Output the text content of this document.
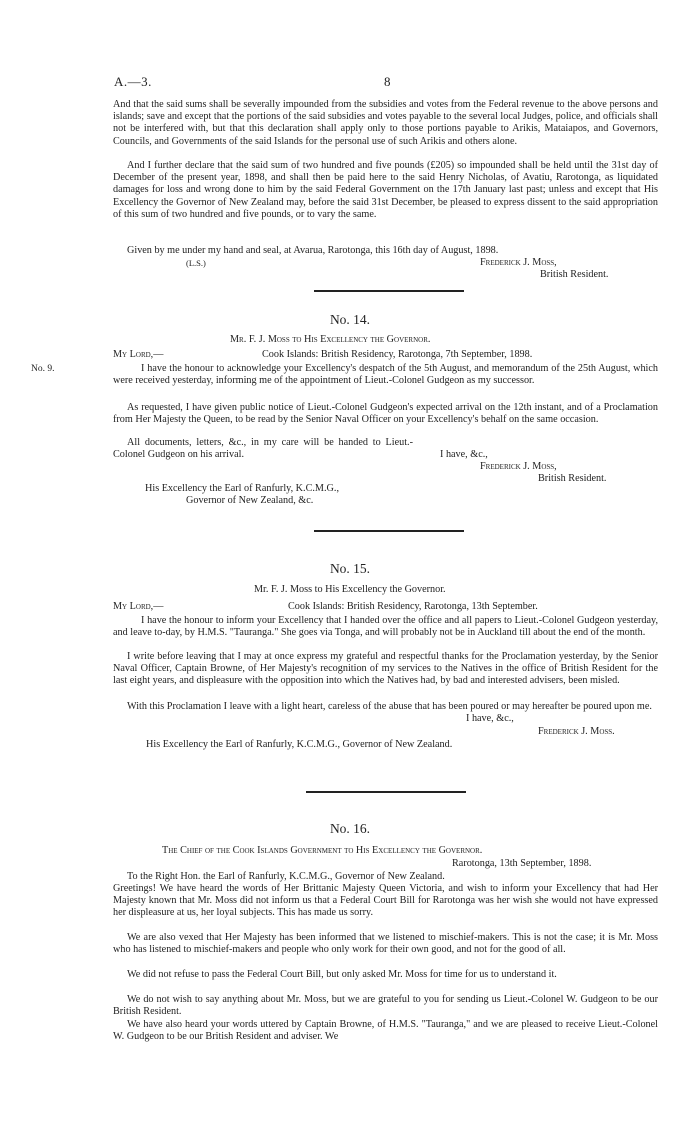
A.—3.	8
And that the said sums shall be severally impounded from the subsidies and votes from the Federal revenue to the above persons and islands; save and except that the portions of the said subsidies and votes payable to the several local Judges, police, and officials shall not be interfered with, but that this declaration shall apply only to those portions payable to Arikis, Mataiapos, and Governors, Councils, and Governments of the said Islands for the personal use of such Arikis and others alone.
And I further declare that the said sum of two hundred and five pounds (£205) so impounded shall be held until the 31st day of December of the present year, 1898, and shall then be paid here to the said Henry Nicholas, of Avatiu, Rarotonga, as liquidated damages for loss and wrong done to him by the said Federal Government on the 17th January last past; unless and except that His Excellency the Governor of New Zealand may, before the said 31st December, be pleased to express dissent to the said appropriation of this sum of two hundred and five pounds, or to vary the same.
Given by me under my hand and seal, at Avarua, Rarotonga, this 16th day of August, 1898.
(L.S.)	Frederick J. Moss,
British Resident.
No. 14.
Mr. F. J. Moss to His Excellency the Governor.
My Lord,—	Cook Islands: British Residency, Rarotonga, 7th September, 1898.
No. 9.	I have the honour to acknowledge your Excellency's despatch of the 5th August, and memorandum of the 25th August, which were received yesterday, informing me of the appointment of Lieut.-Colonel Gudgeon as my successor.
As requested, I have given public notice of Lieut.-Colonel Gudgeon's expected arrival on the 12th instant, and of a Proclamation from Her Majesty the Queen, to be read by the Senior Naval Officer on your Excellency's behalf on the same occasion.
All documents, letters, &c., in my care will be handed to Lieut.-Colonel Gudgeon on his arrival.	I have, &c.,
Frederick J. Moss,
British Resident.
His Excellency the Earl of Ranfurly, K.C.M.G.,
Governor of New Zealand, &c.
No. 15.
Mr. F. J. Moss to His Excellency the Governor.
My Lord,—	Cook Islands: British Residency, Rarotonga, 13th September.
I have the honour to inform your Excellency that I handed over the office and all papers to Lieut.-Colonel Gudgeon yesterday, and leave to-day, by H.M.S. "Tauranga." She goes via Tonga, and will probably not be in Auckland till about the end of the month.
I write before leaving that I may at once express my grateful and respectful thanks for the Proclamation yesterday, by the Senior Naval Officer, Captain Browne, of Her Majesty's recognition of my services to the Natives in the office of British Resident for the last eight years, and displeasure with the opposition into which the Natives had, by bad and interested advisers, been misled.
With this Proclamation I leave with a light heart, careless of the abuse that has been poured or may hereafter be poured upon me.
I have, &c.,
Frederick J. Moss.
His Excellency the Earl of Ranfurly, K.C.M.G., Governor of New Zealand.
No. 16.
The Chief of the Cook Islands Government to His Excellency the Governor.
Rarotonga, 13th September, 1898.
To the Right Hon. the Earl of Ranfurly, K.C.M.G., Governor of New Zealand.
Greetings! We have heard the words of Her Brittanic Majesty Queen Victoria, and wish to inform your Excellency that had Her Majesty known that Mr. Moss did not inform us that a Federal Court Bill for Rarotonga was her wish she would not have expressed her displeasure at us, her loyal subjects. This has made us sorry.
We are also vexed that Her Majesty has been informed that we listened to mischief-makers. This is not the case; it is Mr. Moss who has listened to mischief-makers and people who only work for their own good, and not for the good of all.
We did not refuse to pass the Federal Court Bill, but only asked Mr. Moss for time for us to understand it.
We do not wish to say anything about Mr. Moss, but we are grateful to you for sending us Lieut.-Colonel W. Gudgeon to be our British Resident.
We have also heard your words uttered by Captain Browne, of H.M.S. "Tauranga," and we are pleased to receive Lieut.-Colonel W. Gudgeon to be our British Resident and adviser. We
